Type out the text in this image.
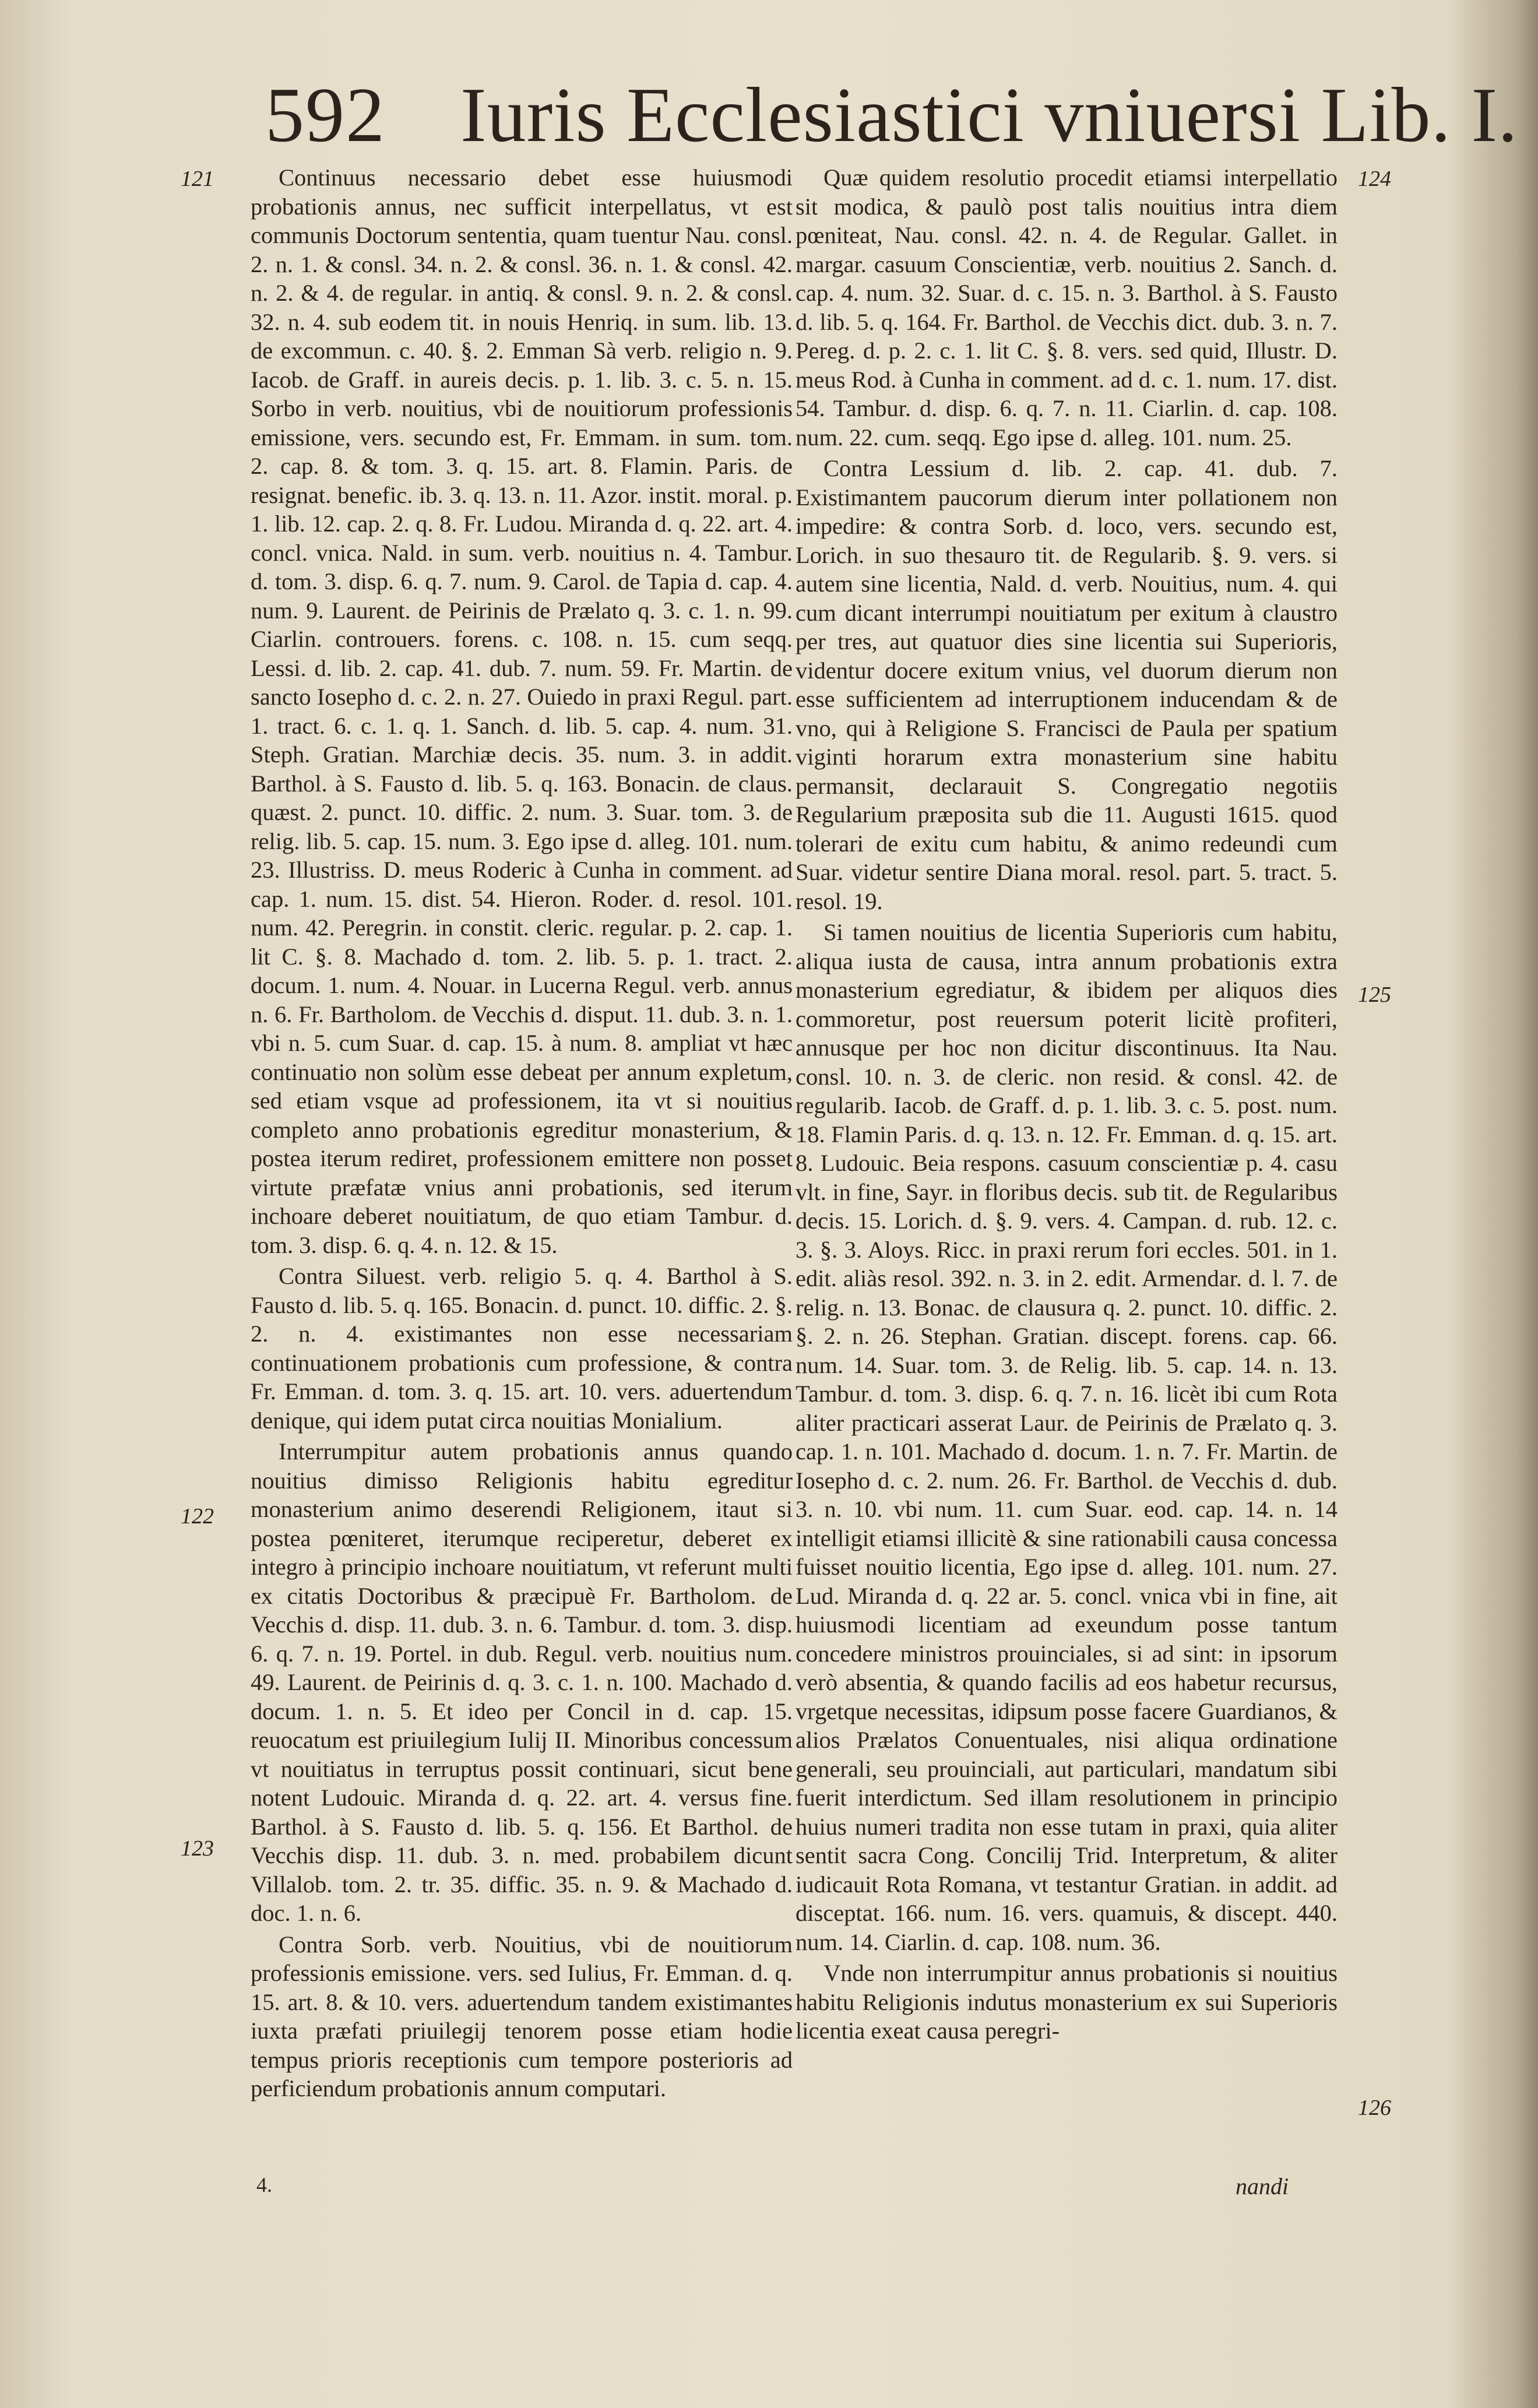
592 Iuris Ecclesiastici vniuersi Lib. I.
121
122
123
124
125
126

Continuus necessario debet esse huiusmodi probationis annus, nec sufficit interpellatus, vt est communis Doctorum sententia, quam tuentur Nau. consl. 2. n. 1. & consl. 34. n. 2. & consl. 36. n. 1. & consl. 42. n. 2. & 4. de regular. in antiq. & consl. 9. n. 2. & consl. 32. n. 4. sub eodem tit. in nouis Henriq. in sum. lib. 13. de excommun. c. 40. §. 2. Emman Sà verb. religio n. 9. Iacob. de Graff. in aureis decis. p. 1. lib. 3. c. 5. n. 15. Sorbo in verb. nouitius, vbi de nouitiorum professionis emissione, vers. secundo est, Fr. Emmam. in sum. tom. 2. cap. 8. & tom. 3. q. 15. art. 8. Flamin. Paris. de resignat. benefic. ib. 3. q. 13. n. 11. Azor. instit. moral. p. 1. lib. 12. cap. 2. q. 8. Fr. Ludou. Miranda d. q. 22. art. 4. concl. vnica. Nald. in sum. verb. nouitius n. 4. Tambur. d. tom. 3. disp. 6. q. 7. num. 9. Carol. de Tapia d. cap. 4. num. 9. Laurent. de Peirinis de Prælato q. 3. c. 1. n. 99. Ciarlin. controuers. forens. c. 108. n. 15. cum seqq. Lessi. d. lib. 2. cap. 41. dub. 7. num. 59. Fr. Martin. de sancto Iosepho d. c. 2. n. 27. Ouiedo in praxi Regul. part. 1. tract. 6. c. 1. q. 1. Sanch. d. lib. 5. cap. 4. num. 31. Steph. Gratian. Marchiæ decis. 35. num. 3. in addit. Barthol. à S. Fausto d. lib. 5. q. 163. Bonacin. de claus. quæst. 2. punct. 10. diffic. 2. num. 3. Suar. tom. 3. de relig. lib. 5. cap. 15. num. 3. Ego ipse d. alleg. 101. num. 23. Illustriss. D. meus Roderic à Cunha in comment. ad cap. 1. num. 15. dist. 54. Hieron. Roder. d. resol. 101. num. 42. Peregrin. in constit. cleric. regular. p. 2. cap. 1. lit C. §. 8. Machado d. tom. 2. lib. 5. p. 1. tract. 2. docum. 1. num. 4. Nouar. in Lucerna Regul. verb. annus n. 6. Fr. Bartholom. de Vecchis d. disput. 11. dub. 3. n. 1. vbi n. 5. cum Suar. d. cap. 15. à num. 8. ampliat vt hæc continuatio non solùm esse debeat per annum expletum, sed etiam vsque ad professionem, ita vt si nouitius completo anno probationis egreditur monasterium, & postea iterum rediret, professionem emittere non posset virtute præfatæ vnius anni probationis, sed iterum inchoare deberet nouitiatum, de quo etiam Tambur. d. tom. 3. disp. 6. q. 4. n. 12. & 15.

Contra Siluest. verb. religio 5. q. 4. Barthol à S. Fausto d. lib. 5. q. 165. Bonacin. d. punct. 10. diffic. 2. §. 2. n. 4. existimantes non esse necessariam continuationem probationis cum professione, & contra Fr. Emman. d. tom. 3. q. 15. art. 10. vers. aduertendum denique, qui idem putat circa nouitias Monialium.

Interrumpitur autem probationis annus quando nouitius dimisso Religionis habitu egreditur monasterium animo deserendi Religionem, itaut si postea pœniteret, iterumque reciperetur, deberet ex integro à principio inchoare nouitiatum, vt referunt multi ex citatis Doctoribus & præcipuè Fr. Bartholom. de Vecchis d. disp. 11. dub. 3. n. 6. Tambur. d. tom. 3. disp. 6. q. 7. n. 19. Portel. in dub. Regul. verb. nouitius num. 49. Laurent. de Peirinis d. q. 3. c. 1. n. 100. Machado d. docum. 1. n. 5. Et ideo per Concil in d. cap. 15. reuocatum est priuilegium Iulij II. Minoribus concessum vt nouitiatus in terruptus possit continuari, sicut bene notent Ludouic. Miranda d. q. 22. art. 4. versus fine. Barthol. à S. Fausto d. lib. 5. q. 156. Et Barthol. de Vecchis disp. 11. dub. 3. n. med. probabilem dicunt Villalob. tom. 2. tr. 35. diffic. 35. n. 9. & Machado d. doc. 1. n. 6.

Contra Sorb. verb. Nouitius, vbi de nouitiorum professionis emissione. vers. sed Iulius, Fr. Emman. d. q. 15. art. 8. & 10. vers. aduertendum tandem existimantes iuxta præfati priuilegij tenorem posse etiam hodie tempus prioris receptionis cum tempore posterioris ad perficiendum probationis annum computari.

Quæ quidem resolutio procedit etiamsi interpellatio sit modica, & paulò post talis nouitius intra diem pœniteat, Nau. consl. 42. n. 4. de Regular. Gallet. in margar. casuum Conscientiæ, verb. nouitius 2. Sanch. d. cap. 4. num. 32. Suar. d. c. 15. n. 3. Barthol. à S. Fausto d. lib. 5. q. 164. Fr. Barthol. de Vecchis dict. dub. 3. n. 7. Pereg. d. p. 2. c. 1. lit C. §. 8. vers. sed quid, Illustr. D. meus Rod. à Cunha in comment. ad d. c. 1. num. 17. dist. 54. Tambur. d. disp. 6. q. 7. n. 11. Ciarlin. d. cap. 108. num. 22. cum. seqq. Ego ipse d. alleg. 101. num. 25.

Contra Lessium d. lib. 2. cap. 41. dub. 7. Existimantem paucorum dierum inter pollationem non impedire: & contra Sorb. d. loco, vers. secundo est, Lorich. in suo thesauro tit. de Regularib. §. 9. vers. si autem sine licentia, Nald. d. verb. Nouitius, num. 4. qui cum dicant interrumpi nouitiatum per exitum à claustro per tres, aut quatuor dies sine licentia sui Superioris, videntur docere exitum vnius, vel duorum dierum non esse sufficientem ad interruptionem inducendam & de vno, qui à Religione S. Francisci de Paula per spatium viginti horarum extra monasterium sine habitu permansit, declarauit S. Congregatio negotiis Regularium præposita sub die 11. Augusti 1615. quod tolerari de exitu cum habitu, & animo redeundi cum Suar. videtur sentire Diana moral. resol. part. 5. tract. 5. resol. 19.

Si tamen nouitius de licentia Superioris cum habitu, aliqua iusta de causa, intra annum probationis extra monasterium egrediatur, & ibidem per aliquos dies commoretur, post reuersum poterit licitè profiteri, annusque per hoc non dicitur discontinuus. Ita Nau. consl. 10. n. 3. de cleric. non resid. & consl. 42. de regularib. Iacob. de Graff. d. p. 1. lib. 3. c. 5. post. num. 18. Flamin Paris. d. q. 13. n. 12. Fr. Emman. d. q. 15. art. 8. Ludouic. Beia respons. casuum conscientiæ p. 4. casu vlt. in fine, Sayr. in floribus decis. sub tit. de Regularibus decis. 15. Lorich. d. §. 9. vers. 4. Campan. d. rub. 12. c. 3. §. 3. Aloys. Ricc. in praxi rerum fori eccles. 501. in 1. edit. aliàs resol. 392. n. 3. in 2. edit. Armendar. d. l. 7. de relig. n. 13. Bonac. de clausura q. 2. punct. 10. diffic. 2. §. 2. n. 26. Stephan. Gratian. discept. forens. cap. 66. num. 14. Suar. tom. 3. de Relig. lib. 5. cap. 14. n. 13. Tambur. d. tom. 3. disp. 6. q. 7. n. 16. licèt ibi cum Rota aliter practicari asserat Laur. de Peirinis de Prælato q. 3. cap. 1. n. 101. Machado d. docum. 1. n. 7. Fr. Martin. de Iosepho d. c. 2. num. 26. Fr. Barthol. de Vecchis d. dub. 3. n. 10. vbi num. 11. cum Suar. eod. cap. 14. n. 14 intelligit etiamsi illicitè & sine rationabili causa concessa fuisset nouitio licentia, Ego ipse d. alleg. 101. num. 27. Lud. Miranda d. q. 22 ar. 5. concl. vnica vbi in fine, ait huiusmodi licentiam ad exeundum posse tantum concedere ministros prouinciales, si ad sint: in ipsorum verò absentia, & quando facilis ad eos habetur recursus, vrgetque necessitas, idipsum posse facere Guardianos, & alios Prælatos Conuentuales, nisi aliqua ordinatione generali, seu prouinciali, aut particulari, mandatum sibi fuerit interdictum. Sed illam resolutionem in principio huius numeri tradita non esse tutam in praxi, quia aliter sentit sacra Cong. Concilij Trid. Interpretum, & aliter iudicauit Rota Romana, vt testantur Gratian. in addit. ad disceptat. 166. num. 16. vers. quamuis, & discept. 440. num. 14. Ciarlin. d. cap. 108. num. 36.

Vnde non interrumpitur annus probationis si nouitius habitu Religionis indutus monasterium ex sui Superioris licentia exeat causa peregri-

4.	nandi
